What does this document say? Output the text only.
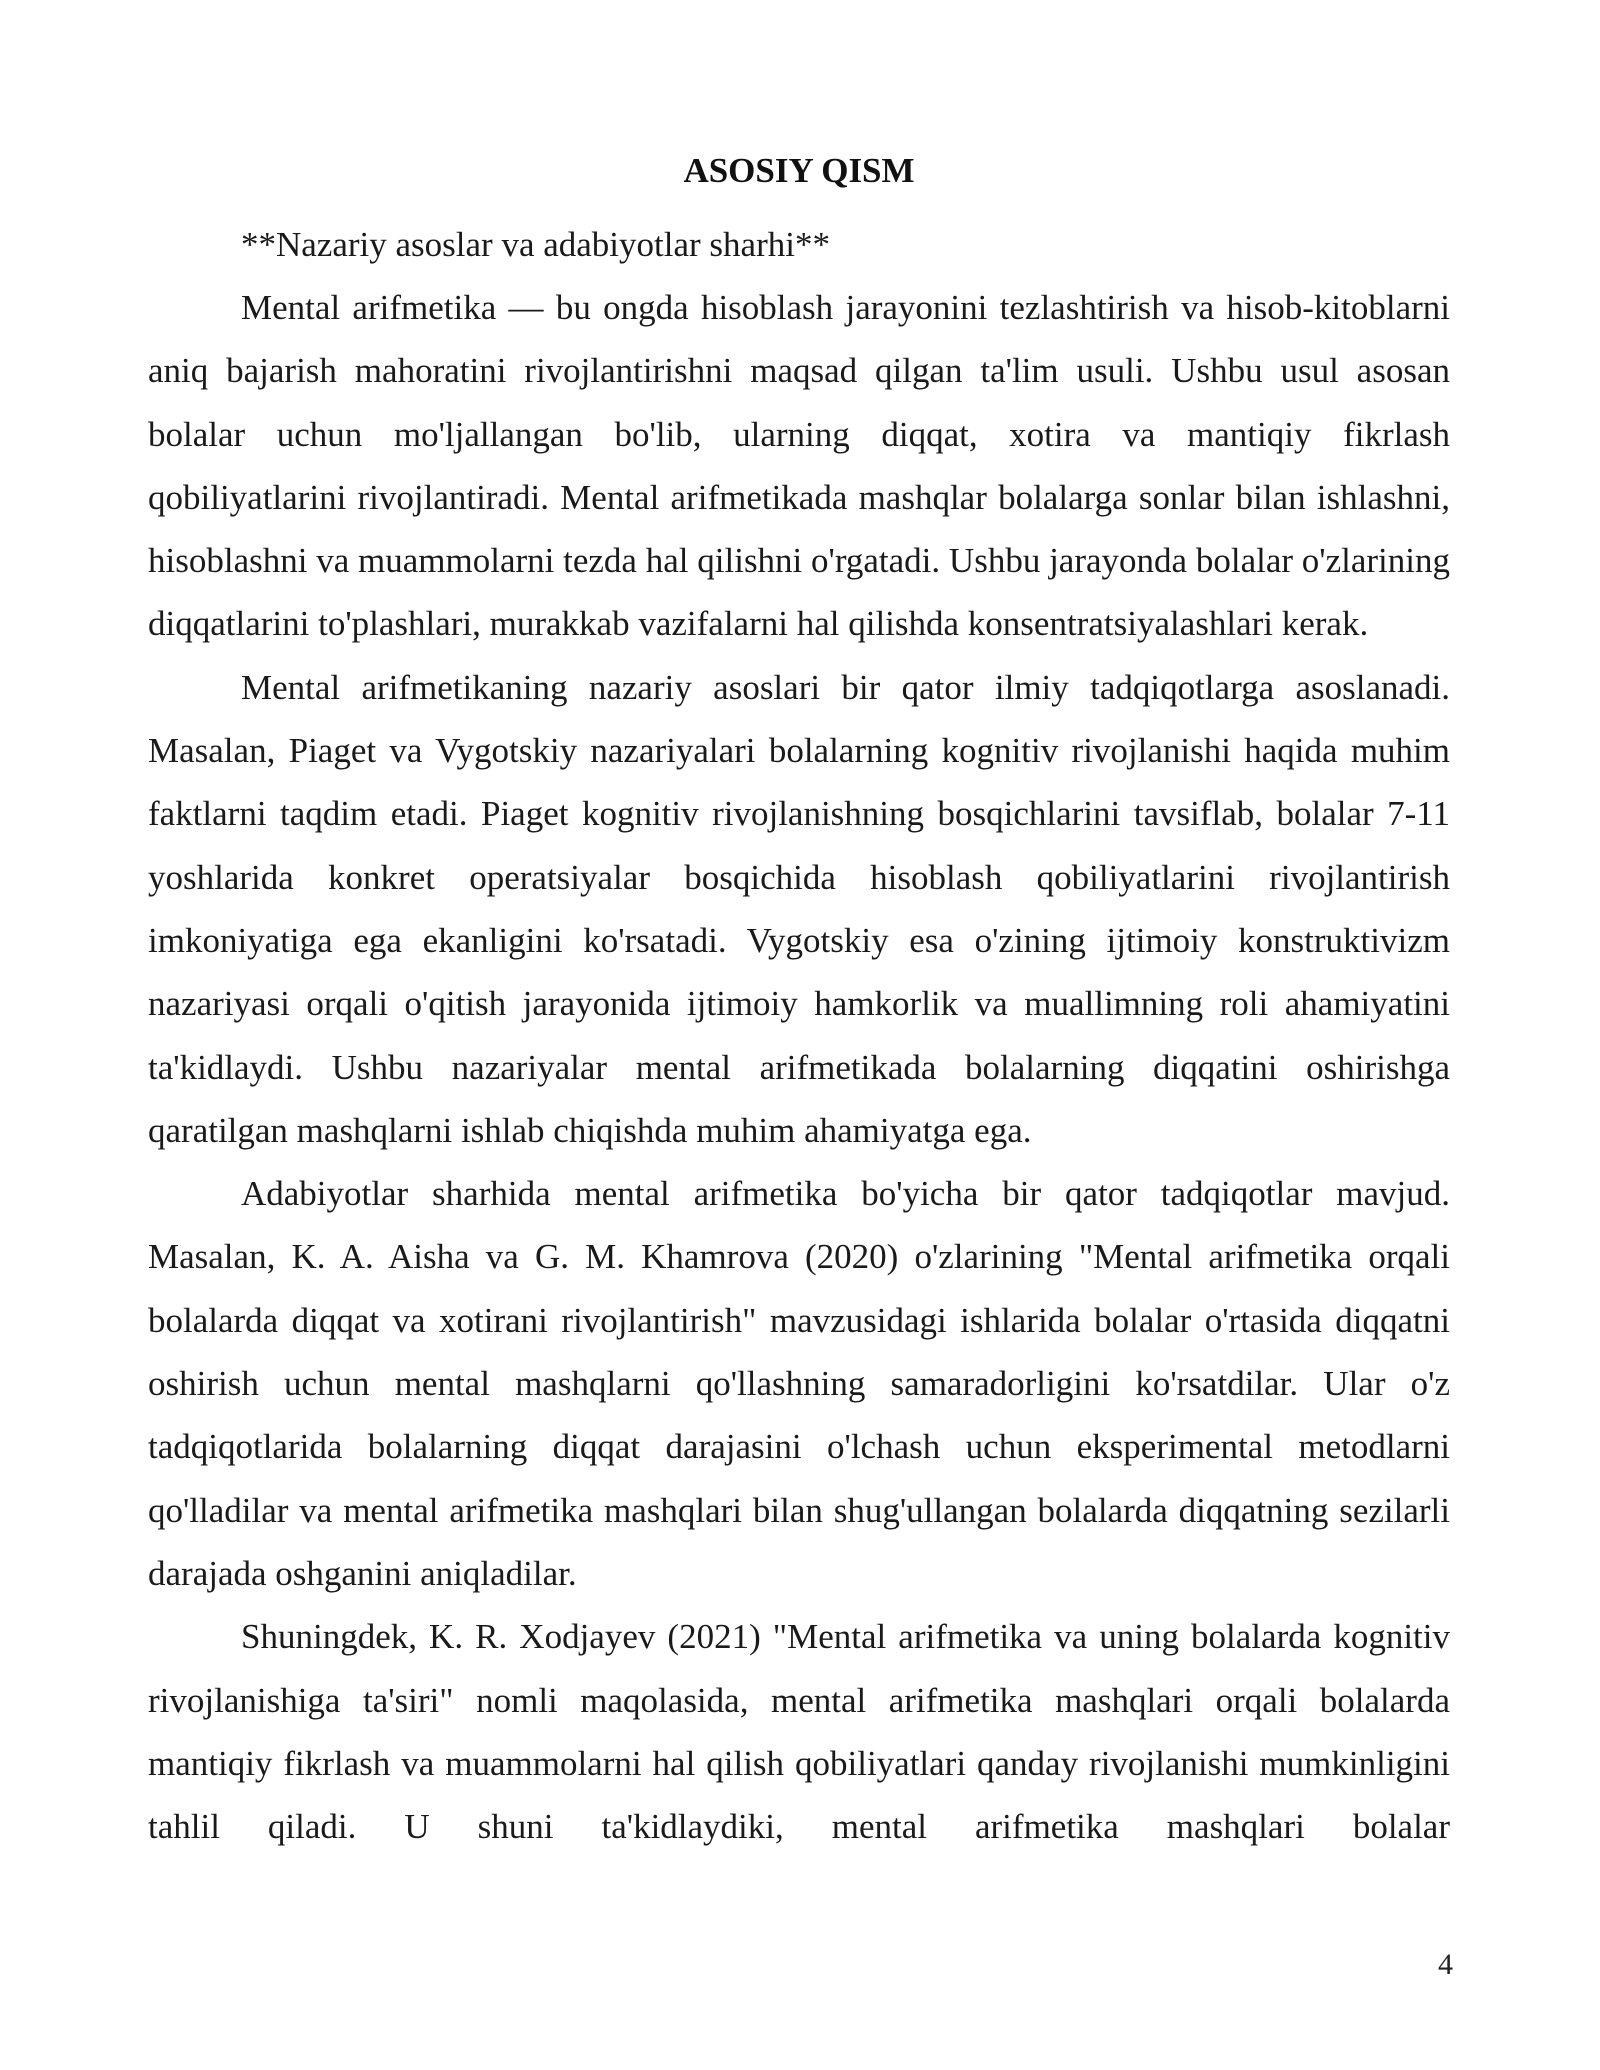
ASOSIY QISM

**Nazariy asoslar va adabiyotlar sharhi**

Mental arifmetika — bu ongda hisoblash jarayonini tezlashtirish va hisob-kitoblarni aniq bajarish mahoratini rivojlantirishni maqsad qilgan ta'lim usuli. Ushbu usul asosan bolalar uchun mo'ljallangan bo'lib, ularning diqqat, xotira va mantiqiy fikrlash qobiliyatlarini rivojlantiradi. Mental arifmetikada mashqlar bolalarga sonlar bilan ishlashni, hisoblashni va muammolarni tezda hal qilishni o'rgatadi. Ushbu jarayonda bolalar o'zlarining diqqatlarini to'plashlari, murakkab vazifalarni hal qilishda konsentratsiyalashlari kerak.

Mental arifmetikaning nazariy asoslari bir qator ilmiy tadqiqotlarga asoslanadi. Masalan, Piaget va Vygotskiy nazariyalari bolalarning kognitiv rivojlanishi haqida muhim faktlarni taqdim etadi. Piaget kognitiv rivojlanishning bosqichlarini tavsiflab, bolalar 7-11 yoshlarida konkret operatsiyalar bosqichida hisoblash qobiliyatlarini rivojlantirish imkoniyatiga ega ekanligini ko'rsatadi. Vygotskiy esa o'zining ijtimoiy konstruktivizm nazariyasi orqali o'qitish jarayonida ijtimoiy hamkorlik va muallimning roli ahamiyatini ta'kidlaydi. Ushbu nazariyalar mental arifmetikada bolalarning diqqatini oshirishga qaratilgan mashqlarni ishlab chiqishda muhim ahamiyatga ega.

Adabiyotlar sharhida mental arifmetika bo'yicha bir qator tadqiqotlar mavjud. Masalan, K. A. Aisha va G. M. Khamrova (2020) o'zlarining "Mental arifmetika orqali bolalarda diqqat va xotirani rivojlantirish" mavzusidagi ishlarida bolalar o'rtasida diqqatni oshirish uchun mental mashqlarni qo'llashning samaradorligini ko'rsatdilar. Ular o'z tadqiqotlarida bolalarning diqqat darajasini o'lchash uchun eksperimental metodlarni qo'lladilar va mental arifmetika mashqlari bilan shug'ullangan bolalarda diqqatning sezilarli darajada oshganini aniqladilar.

Shuningdek, K. R. Xodjayev (2021) "Mental arifmetika va uning bolalarda kognitiv rivojlanishiga ta'siri" nomli maqolasida, mental arifmetika mashqlari orqali bolalarda mantiqiy fikrlash va muammolarni hal qilish qobiliyatlari qanday rivojlanishi mumkinligini tahlil qiladi. U shuni ta'kidlaydiki, mental arifmetika mashqlari bolalar

4
